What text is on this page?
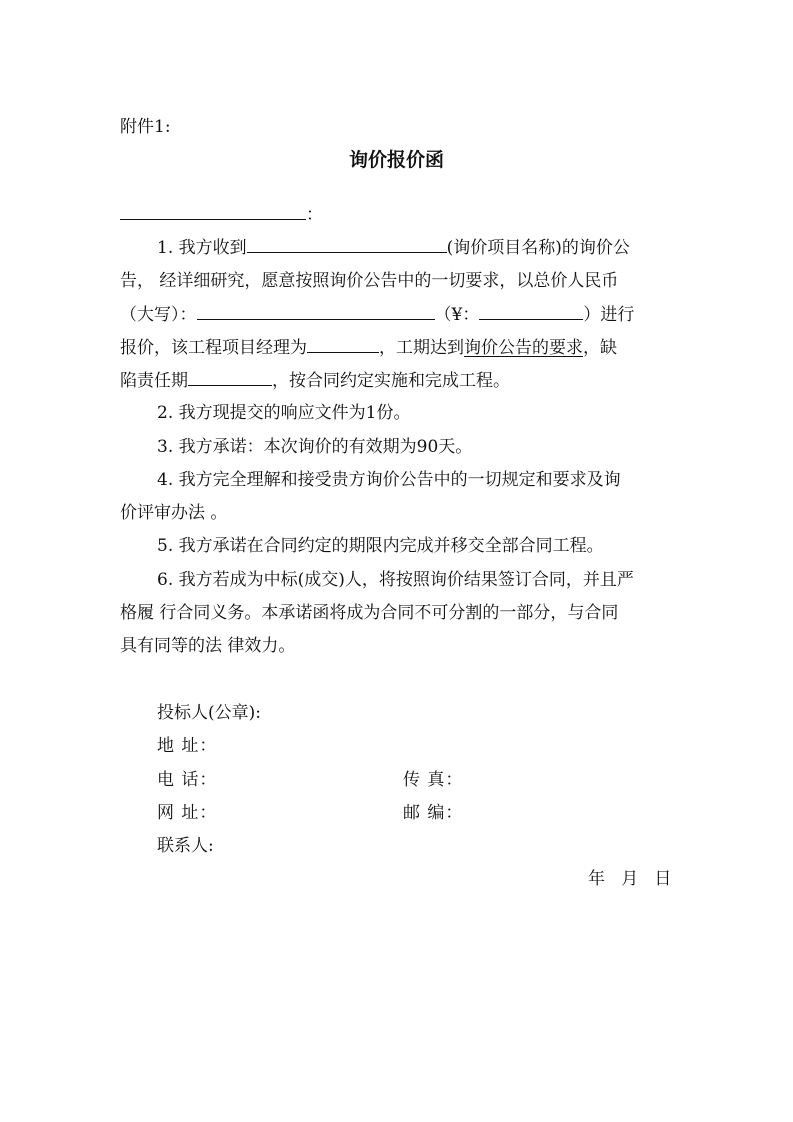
附件1:
询价报价函
：
1. 我方收到	(询价项目名称)的询价公
告， 经详细研究，愿意按照询价公告中的一切要求，以总价人民币
（大写）：	（¥：	）进行
报价，该工程项目经理为	，工期达到询价公告的要求，缺
陷责任期	，按合同约定实施和完成工程。
2. 我方现提交的响应文件为1份。
3. 我方承诺：本次询价的有效期为90天。
4. 我方完全理解和接受贵方询价公告中的一切规定和要求及询
价评审办法 。
5. 我方承诺在合同约定的期限内完成并移交全部合同工程。
6. 我方若成为中标(成交)人，将按照询价结果签订合同，并且严
格履 行合同义务。本承诺函将成为合同不可分割的一部分，与合同
具有同等的法 律效力。
投标人(公章):
地 址：
电 话：	传 真：
网 址：	邮 编：
联系人:
年   月   日
